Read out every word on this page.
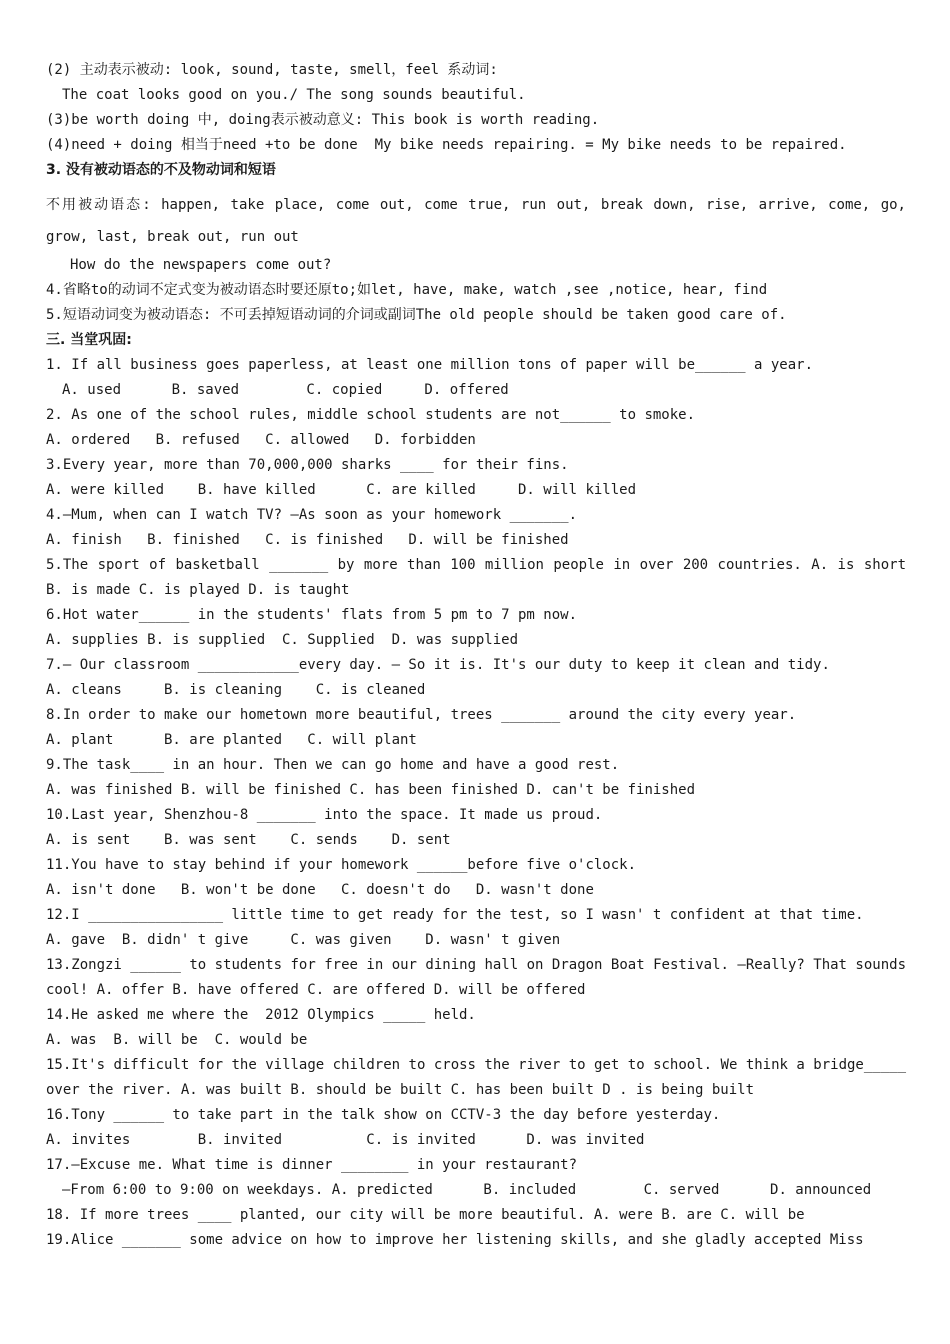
(2) 主动表示被动: look, sound, taste, smell，feel 系动词:
The coat looks good on you./ The song sounds beautiful.
(3)be worth doing 中, doing表示被动意义: This book is worth reading.
(4)need + doing 相当于need +to be done  My bike needs repairing. = My bike needs to be repaired.
3. 没有被动语态的不及物动词和短语
不用被动语态: happen, take place, come out, come true, run out, break down, rise, arrive, come, go, grow, last, break out, run out
How do the newspapers come out?
4.省略to的动词不定式变为被动语态时要还原to;如let, have, make, watch ,see ,notice, hear, find
5.短语动词变为被动语态: 不可丢掉短语动词的介词或副词The old people should be taken good care of.
三. 当堂巩固:
1. If all business goes paperless, at least one million tons of paper will be______ a year.
A. used      B. saved        C. copied     D. offered
2. As one of the school rules, middle school students are not______ to smoke.
A. ordered   B. refused   C. allowed   D. forbidden
3.Every year, more than 70,000,000 sharks ____ for their fins.
A. were killed    B. have killed      C. are killed     D. will killed
4.—Mum, when can I watch TV? —As soon as your homework _______.
A. finish   B. finished   C. is finished   D. will be finished
5.The sport of basketball _______ by more than 100 million people in over 200 countries. A. is short B. is made C. is played D. is taught
6.Hot water______ in the students' flats from 5 pm to 7 pm now.
A. supplies B. is supplied  C. Supplied  D. was supplied
7.— Our classroom ____________every day. — So it is. It's our duty to keep it clean and tidy.
A. cleans     B. is cleaning    C. is cleaned
8.In order to make our hometown more beautiful, trees _______ around the city every year.
A. plant      B. are planted   C. will plant
9.The task____ in an hour. Then we can go home and have a good rest.
A. was finished B. will be finished C. has been finished D. can't be finished
10.Last year, Shenzhou-8 _______ into the space. It made us proud.
A. is sent    B. was sent    C. sends    D. sent
11.You have to stay behind if your homework ______before five o'clock.
A. isn't done   B. won't be done   C. doesn't do   D. wasn't done
12.I ________________ little time to get ready for the test, so I wasn' t confident at that time.
A. gave  B. didn' t give     C. was given    D. wasn' t given
13.Zongzi ______ to students for free in our dining hall on Dragon Boat Festival. —Really? That sounds cool! A. offer B. have offered C. are offered D. will be offered
14.He asked me where the  2012 Olympics _____ held.
A. was  B. will be  C. would be
15.It's difficult for the village children to cross the river to get to school. We think a bridge_____ over the river. A. was built B. should be built C. has been built D . is being built
16.Tony ______ to take part in the talk show on CCTV-3 the day before yesterday.
A. invites        B. invited          C. is invited      D. was invited
17.—Excuse me. What time is dinner ________ in your restaurant?
—From 6:00 to 9:00 on weekdays. A. predicted      B. included        C. served      D. announced
18. If more trees ____ planted, our city will be more beautiful. A. were B. are C. will be
19.Alice _______ some advice on how to improve her listening skills, and she gladly accepted Miss
